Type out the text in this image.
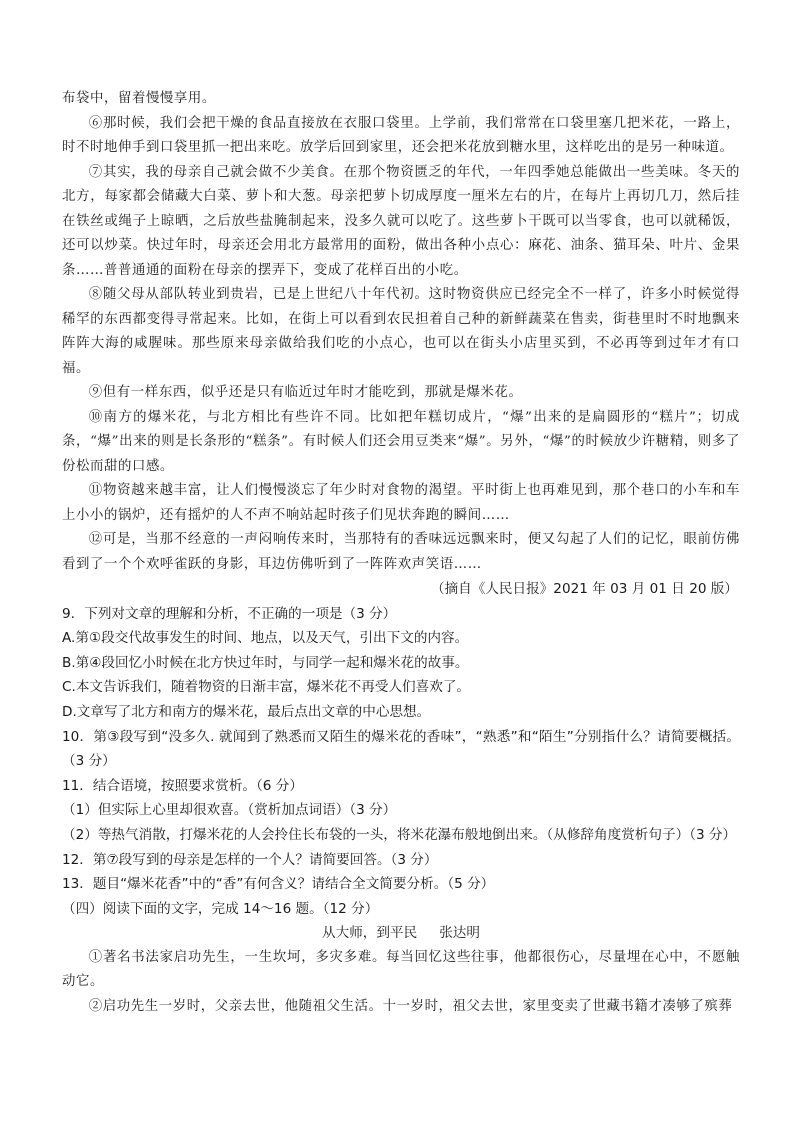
布袋中，留着慢慢享用。

⑥那时候，我们会把干燥的食品直接放在衣服口袋里。上学前，我们常常在口袋里塞几把米花，一路上，时不时地伸手到口袋里抓一把出来吃。放学后回到家里，还会把米花放到糖水里，这样吃出的是另一种味道。

⑦其实，我的母亲自己就会做不少美食。在那个物资匮乏的年代，一年四季她总能做出一些美味。冬天的北方，每家都会储藏大白菜、萝卜和大葱。母亲把萝卜切成厚度一厘米左右的片，在每片上再切几刀，然后挂在铁丝或绳子上晾晒，之后放些盐腌制起来，没多久就可以吃了。这些萝卜干既可以当零食，也可以就稀饭，还可以炒菜。快过年时，母亲还会用北方最常用的面粉，做出各种小点心：麻花、油条、猫耳朵、叶片、金果条……普普通通的面粉在母亲的摆弄下，变成了花样百出的小吃。

⑧随父母从部队转业到贵岩，已是上世纪八十年代初。这时物资供应已经完全不一样了，许多小时候觉得稀罕的东西都变得寻常起来。比如，在街上可以看到农民担着自己种的新鲜蔬菜在售卖，街巷里时不时地飘来阵阵大海的咸腥味。那些原来母亲做给我们吃的小点心，也可以在街头小店里买到，不必再等到过年才有口福。

⑨但有一样东西，似乎还是只有临近过年时才能吃到，那就是爆米花。

⑩南方的爆米花，与北方相比有些许不同。比如把年糕切成片，“爆”出来的是扁圆形的“糕片”；切成条，“爆”出来的则是长条形的“糕条”。有时候人们还会用豆类来“爆”。另外，“爆”的时候放少许糖精，则多了份松而甜的口感。

⑪物资越来越丰富，让人们慢慢淡忘了年少时对食物的渴望。平时街上也再难见到，那个巷口的小车和车上小小的锅炉，还有摇炉的人不声不响站起时孩子们见状奔跑的瞬间……

⑫可是，当那不经意的一声闷响传来时，当那特有的香味远远飘来时，便又勾起了人们的记忆，眼前仿佛看到了一个个欢呼雀跃的身影，耳边仿佛听到了一阵阵欢声笑语……

（摘自《人民日报》2021 年 03 月 01 日 20 版）

9．下列对文章的理解和分析，不正确的一项是（3 分）

A.第①段交代故事发生的时间、地点，以及天气，引出下文的内容。

B.第④段回忆小时候在北方快过年时，与同学一起和爆米花的故事。

C.本文告诉我们，随着物资的日渐丰富，爆米花不再受人们喜欢了。

D.文章写了北方和南方的爆米花，最后点出文章的中心思想。

10．第③段写到“没多久. 就闻到了熟悉而又陌生的爆米花的香味”，“熟悉”和“陌生”分别指什么？请简要概括。（3 分）

11．结合语境，按照要求赏析。（6 分）

（1）但实际上心里却很欢喜。（赏析加点词语）（3 分）

（2）等热气消散，打爆米花的人会拎住长布袋的一头，将米花瀑布般地倒出来。（从修辞角度赏析句子）（3 分）

12．第⑦段写到的母亲是怎样的一个人？请简要回答。（3 分）

13．题目“爆米花香”中的“香”有何含义？请结合全文简要分析。（5 分）

（四）阅读下面的文字，完成 14～16 题。（12 分）

从大师，到平民 张达明

①著名书法家启功先生，一生坎坷，多灾多难。每当回忆这些往事，他都很伤心，尽量埋在心中，不愿触动它。

②启功先生一岁时，父亲去世，他随祖父生活。十一岁时，祖父去世，家里变卖了世藏书籍才凑够了殡葬
